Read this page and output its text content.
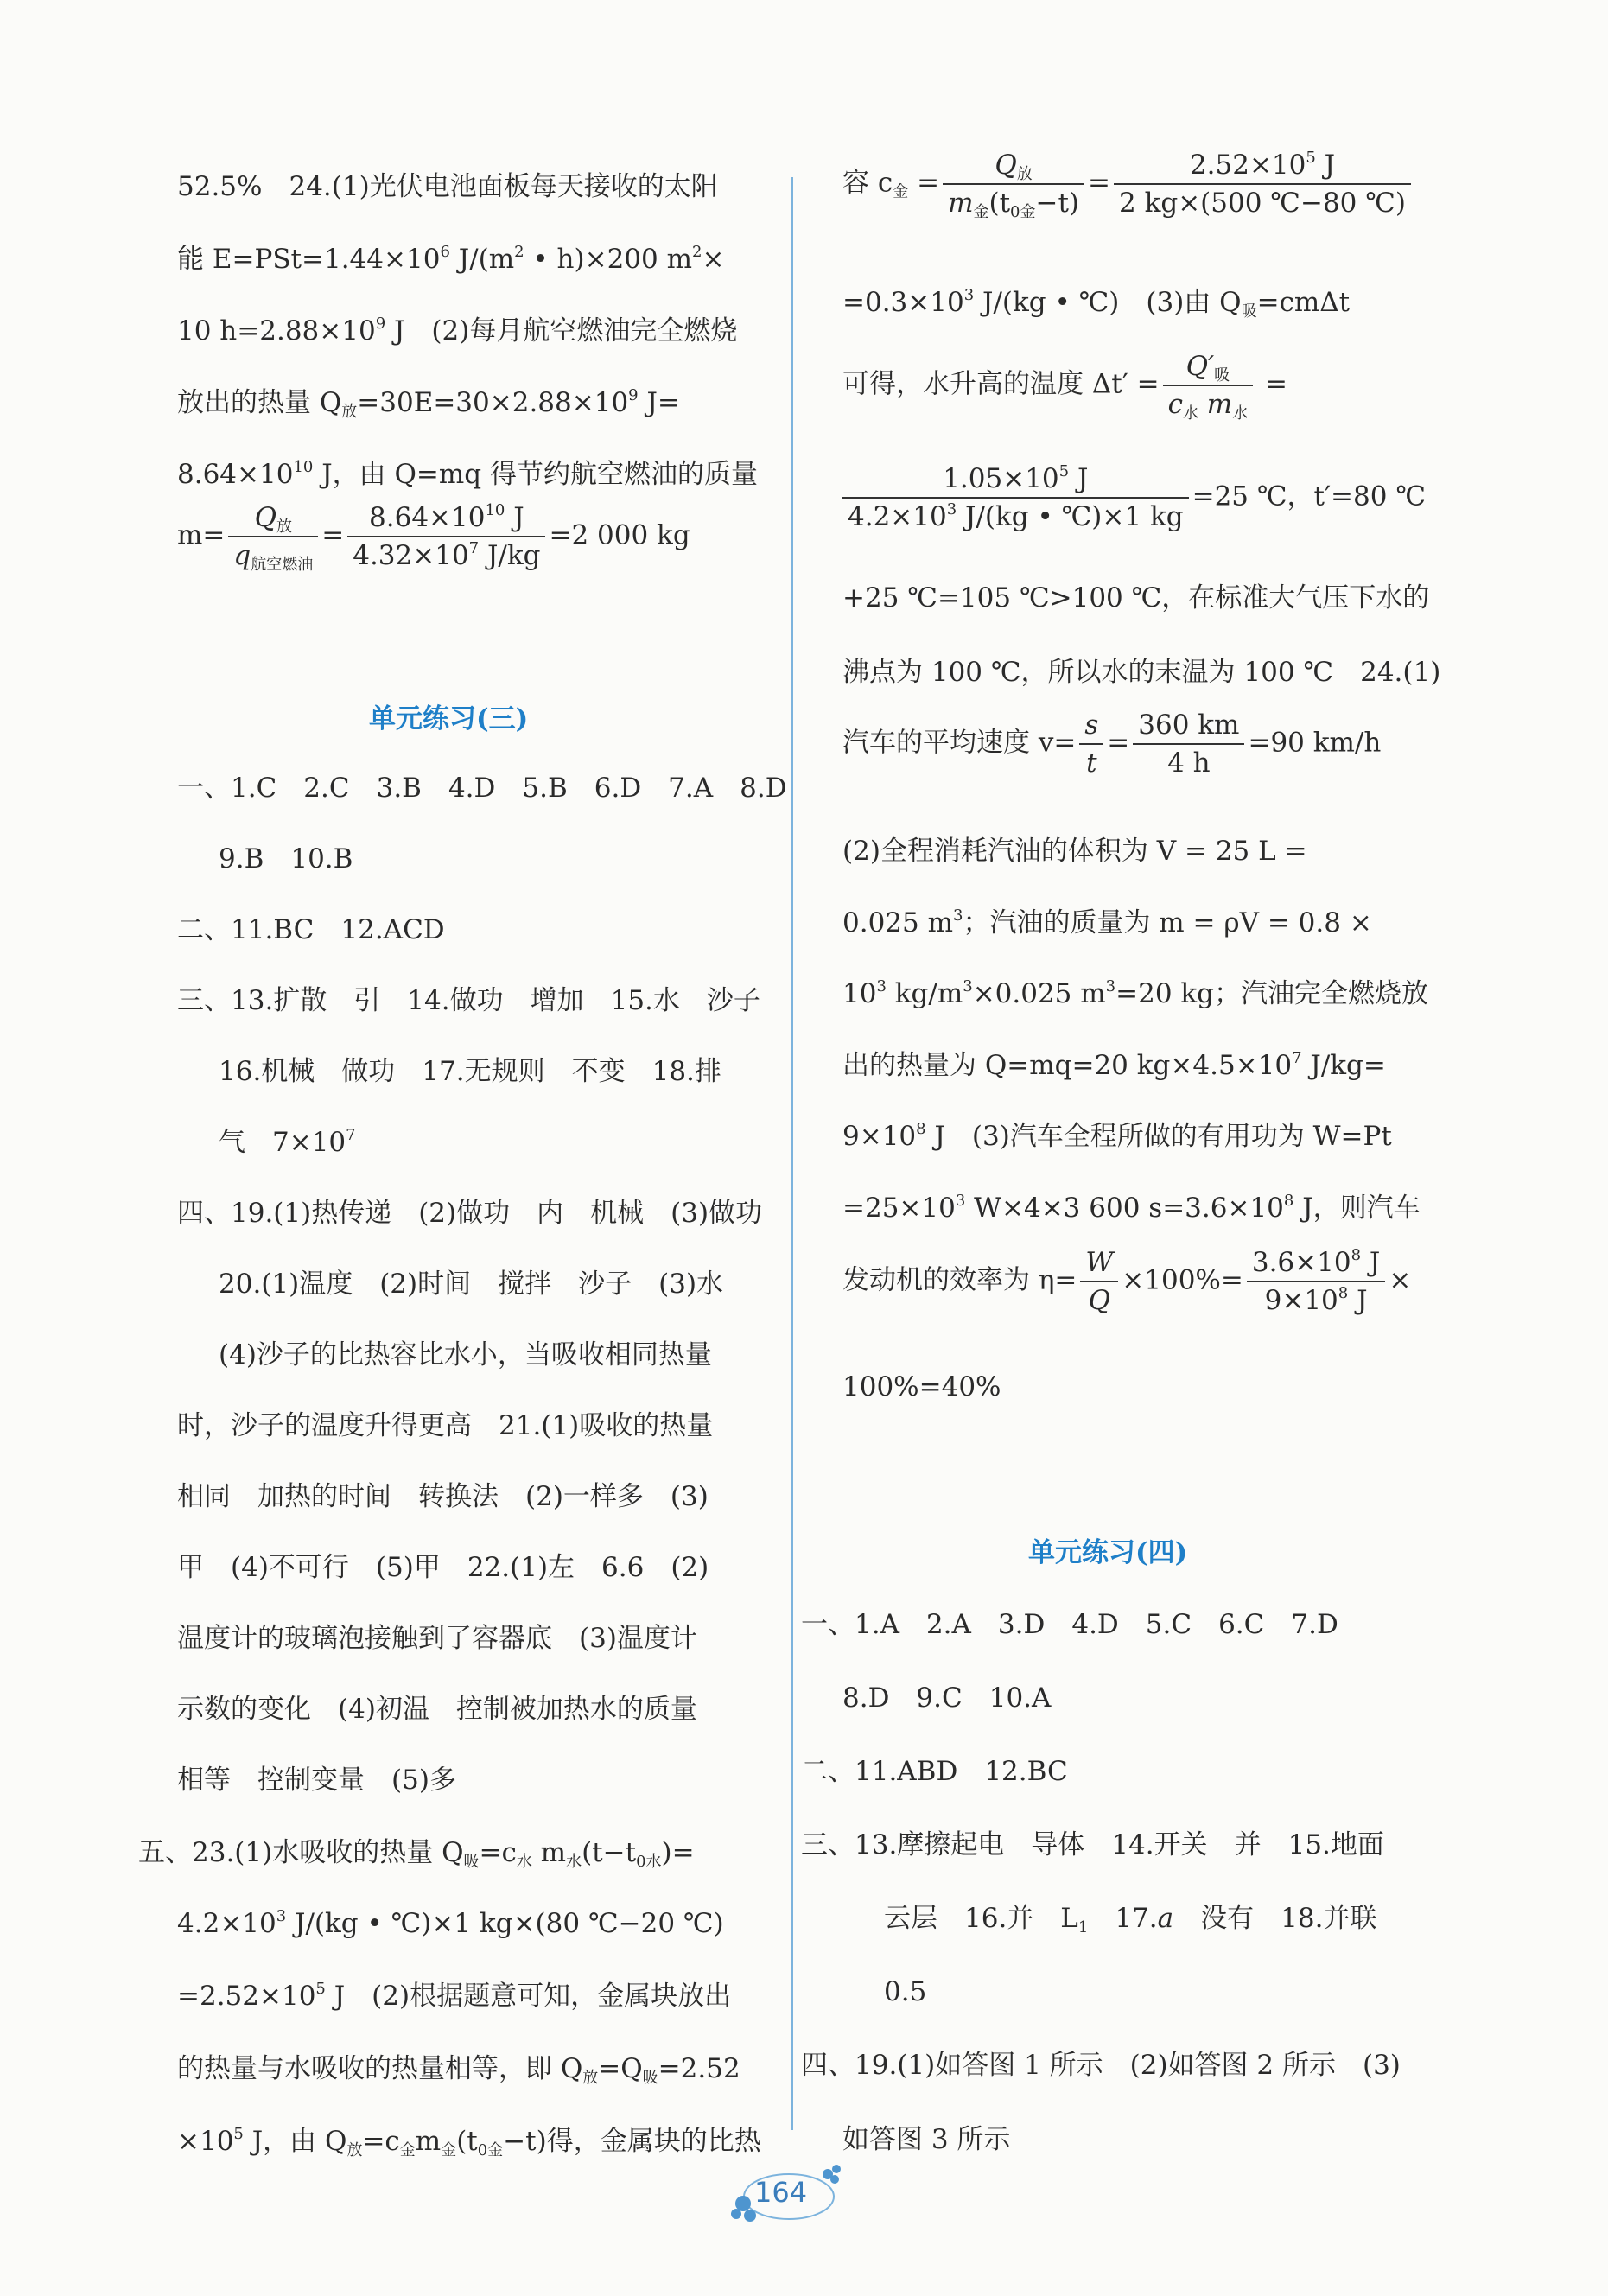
52.5%　24.(1)光伏电池面板每天接收的太阳
能 $E=PSt=1.44\times 10^6$ $J/(m^2$ • h)×200 $m^2\times$
10 $h=2.88\times 10^9$ J　(2)每月航空燃油完全燃烧
放出的热量 $Q_放=30E=30\times 2.88\times 10^9$ J=
$8.64\times 10^{10}$ J，由 Q=mq 得节约航空燃油的质量
$m= \frac{Q_放}{q_{航空燃油}} = \frac{8.64\times 10^{10} J}{4.32\times 10^7 J/kg} =2$ 000 kg
单元练习(三)
一、1.C　2.C　3.B　4.D　5.B　6.D　7.A　8.D
9.B　10.B
二、11.BC　12.ACD
三、13.扩散　引　14.做功　增加　15.水　沙子
16.机械　做功　17.无规则　不变　18.排
气　$7\times 10^7$
四、19.(1)热传递　(2)做功　内　机械　(3)做功
20.(1)温度　(2)时间　搅拌　沙子　(3)水
(4)沙子的比热容比水小，当吸收相同热量
时，沙子的温度升得更高　21.(1)吸收的热量
相同　加热的时间　转换法　(2)一样多　(3)
甲　(4)不可行　(5)甲　22.(1)左　6.6　(2)
温度计的玻璃泡接触到了容器底　(3)温度计
示数的变化　(4)初温　控制被加热水的质量
相等　控制变量　(5)多
五、23.(1)水吸收的热量 $Q_吸=c_水$ $m_水(t-t_{0水})=$
$4.2\times 10^3$ J/(kg • ℃)×1 kg×(80 ℃−20 ℃)
$=2.52\times 10^5$ J　(2)根据题意可知，金属块放出
的热量与水吸收的热量相等，即 $Q_放=Q_吸=2.52$
$\times 10^5$ J，由 $Q_放=c_金m_金(t_{0金}-t)$得，金属块的比热
容 $c_金 = \frac{Q_放}{m_金(t_{0金}-t)} = \frac{2.52\times 10^5 J}{2 kg\times(500 ℃-80 ℃)}$
$=0.3\times 10^3$ J/(kg • ℃)　(3)由 $Q_吸=cm\Delta t$
可得，水升高的温度 $\Delta t' = \frac{Q'_吸}{c_水 m_水}$ =
$\frac{1.05\times 10^5 J}{4.2\times 10^3 J/(kg • ℃)\times 1 kg} =25$ ℃，t′=80 ℃
+25 ℃=105 ℃>100 ℃，在标准大气压下水的
沸点为 100 ℃，所以水的末温为 100 ℃　24.(1)
汽车的平均速度 $v= \frac{s}{t} = \frac{360 km}{4 h} =90$ km/h
(2)全程消耗汽油的体积为 V = 25 L =
0.025 $m^3$；汽油的质量为 m = ρV = 0.8 ×
$10^3$ $kg/m^3\times 0.025$ $m^3=20$ kg；汽油完全燃烧放
出的热量为 Q=mq=20 $kg\times 4.5\times 10^7$ J/kg=
$9\times 10^8$ J　(3)汽车全程所做的有用功为 W=Pt
$=25\times 10^3$ W×4×3 600 $s=3.6\times 10^8$ J，则汽车
发动机的效率为 $\eta= \frac{W}{Q} \times 100\%= \frac{3.6\times 10^8 J}{9\times 10^8 J}$ ×
100%=40%
单元练习(四)
一、1.A　2.A　3.D　4.D　5.C　6.C　7.D
8.D　9.C　10.A
二、11.ABD　12.BC
三、13.摩擦起电　导体　14.开关　并　15.地面
云层　16.并　$L_1$　17.a　没有　18.并联
0.5
四、19.(1)如答图 1 所示　(2)如答图 2 所示　(3)
如答图 3 所示
164
